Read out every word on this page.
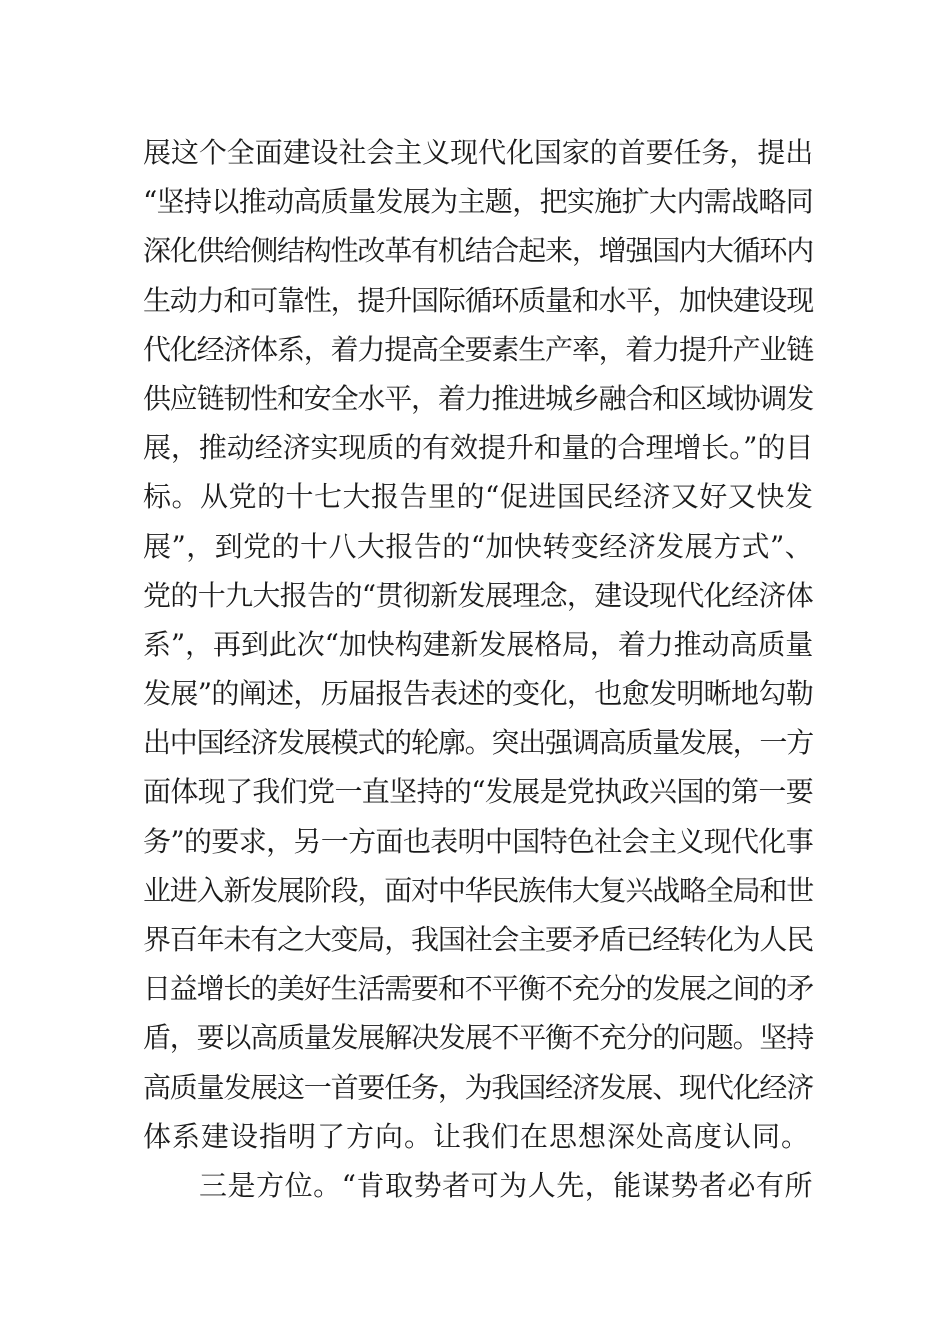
展这个全面建设社会主义现代化国家的首要任务，提出
“坚持以推动高质量发展为主题，把实施扩大内需战略同
深化供给侧结构性改革有机结合起来，增强国内大循环内
生动力和可靠性，提升国际循环质量和水平，加快建设现
代化经济体系，着力提高全要素生产率，着力提升产业链
供应链韧性和安全水平，着力推进城乡融合和区域协调发
展，推动经济实现质的有效提升和量的合理增长。”的目
标。从党的十七大报告里的“促进国民经济又好又快发
展”，到党的十八大报告的“加快转变经济发展方式”、
党的十九大报告的“贯彻新发展理念，建设现代化经济体
系”，再到此次“加快构建新发展格局，着力推动高质量
发展”的阐述，历届报告表述的变化，也愈发明晰地勾勒
出中国经济发展模式的轮廓。突出强调高质量发展，一方
面体现了我们党一直坚持的“发展是党执政兴国的第一要
务”的要求，另一方面也表明中国特色社会主义现代化事
业进入新发展阶段，面对中华民族伟大复兴战略全局和世
界百年未有之大变局，我国社会主要矛盾已经转化为人民
日益增长的美好生活需要和不平衡不充分的发展之间的矛
盾，要以高质量发展解决发展不平衡不充分的问题。坚持
高质量发展这一首要任务，为我国经济发展、现代化经济
体系建设指明了方向。让我们在思想深处高度认同。
三是方位。“肯取势者可为人先，能谋势者必有所
